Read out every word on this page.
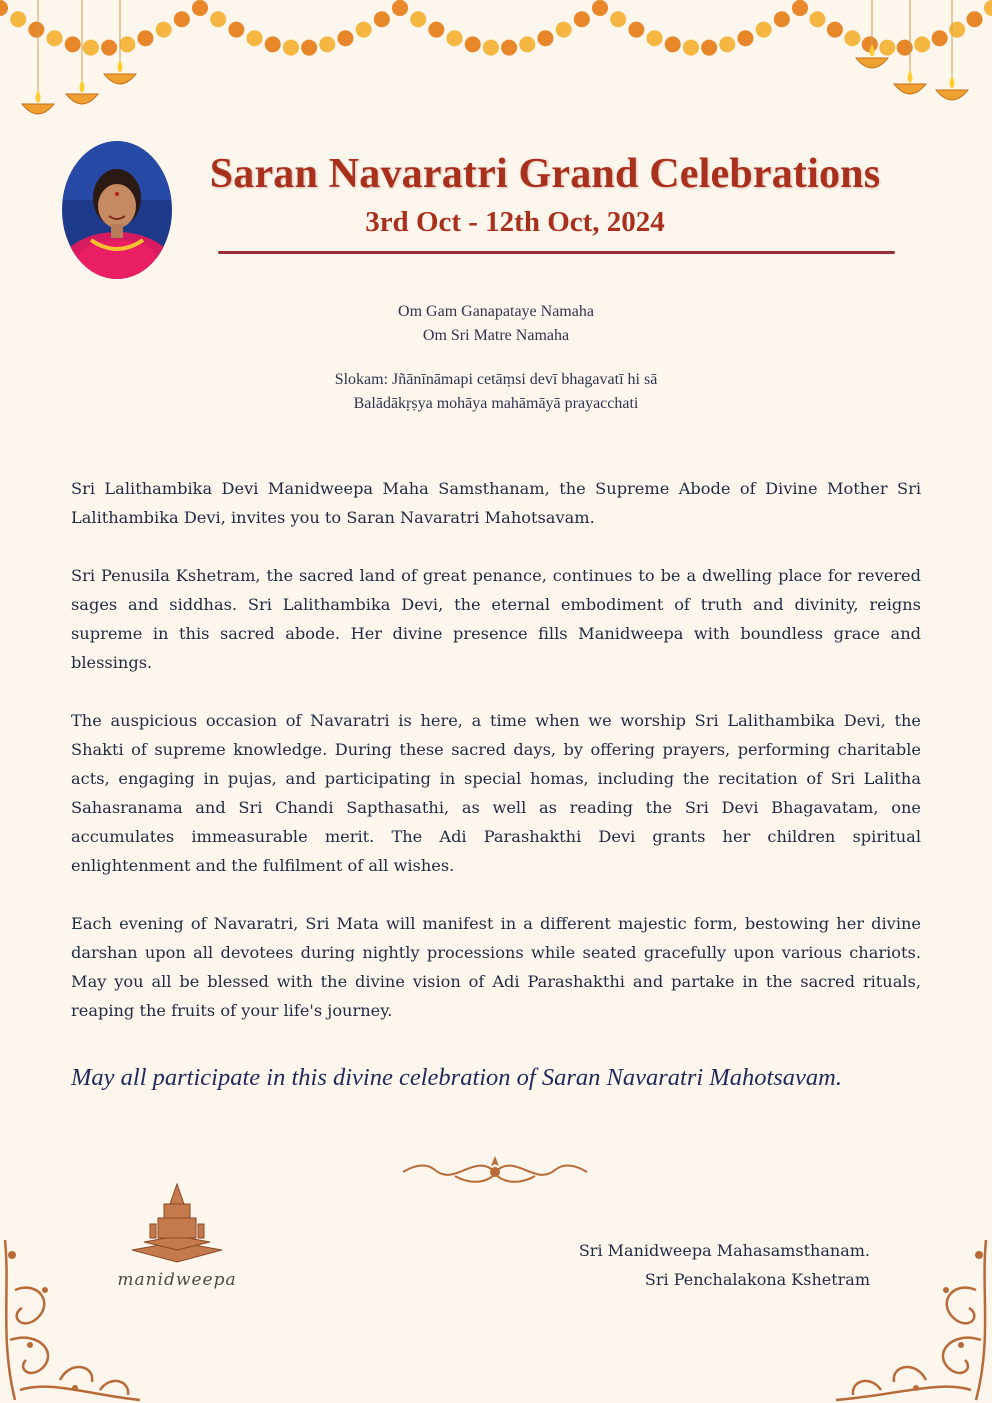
Saran Navaratri Grand Celebrations
3rd Oct - 12th Oct, 2024
Om Gam Ganapataye Namaha
Om Sri Matre Namaha
Slokam: Jñānīnāmapi cetāṃsi devī bhagavatī hi sā
Balādākṛṣya mohāya mahāmāyā prayacchati

Sri Lalithambika Devi Manidweepa Maha Samsthanam, the Supreme Abode of Divine Mother Sri Lalithambika Devi, invites you to Saran Navaratri Mahotsavam.

Sri Penusila Kshetram, the sacred land of great penance, continues to be a dwelling place for revered sages and siddhas. Sri Lalithambika Devi, the eternal embodiment of truth and divinity, reigns supreme in this sacred abode. Her divine presence fills Manidweepa with boundless grace and blessings.

The auspicious occasion of Navaratri is here, a time when we worship Sri Lalithambika Devi, the Shakti of supreme knowledge. During these sacred days, by offering prayers, performing charitable acts, engaging in pujas, and participating in special homas, including the recitation of Sri Lalitha Sahasranama and Sri Chandi Sapthasathi, as well as reading the Sri Devi Bhagavatam, one accumulates immeasurable merit. The Adi Parashakthi Devi grants her children spiritual enlightenment and the fulfilment of all wishes.

Each evening of Navaratri, Sri Mata will manifest in a different majestic form, bestowing her divine darshan upon all devotees during nightly processions while seated gracefully upon various chariots. May you all be blessed with the divine vision of Adi Parashakthi and partake in the sacred rituals, reaping the fruits of your life's journey.

May all participate in this divine celebration of Saran Navaratri Mahotsavam.
manidweepa
Sri Manidweepa Mahasamsthanam.
Sri Penchalakona Kshetram
